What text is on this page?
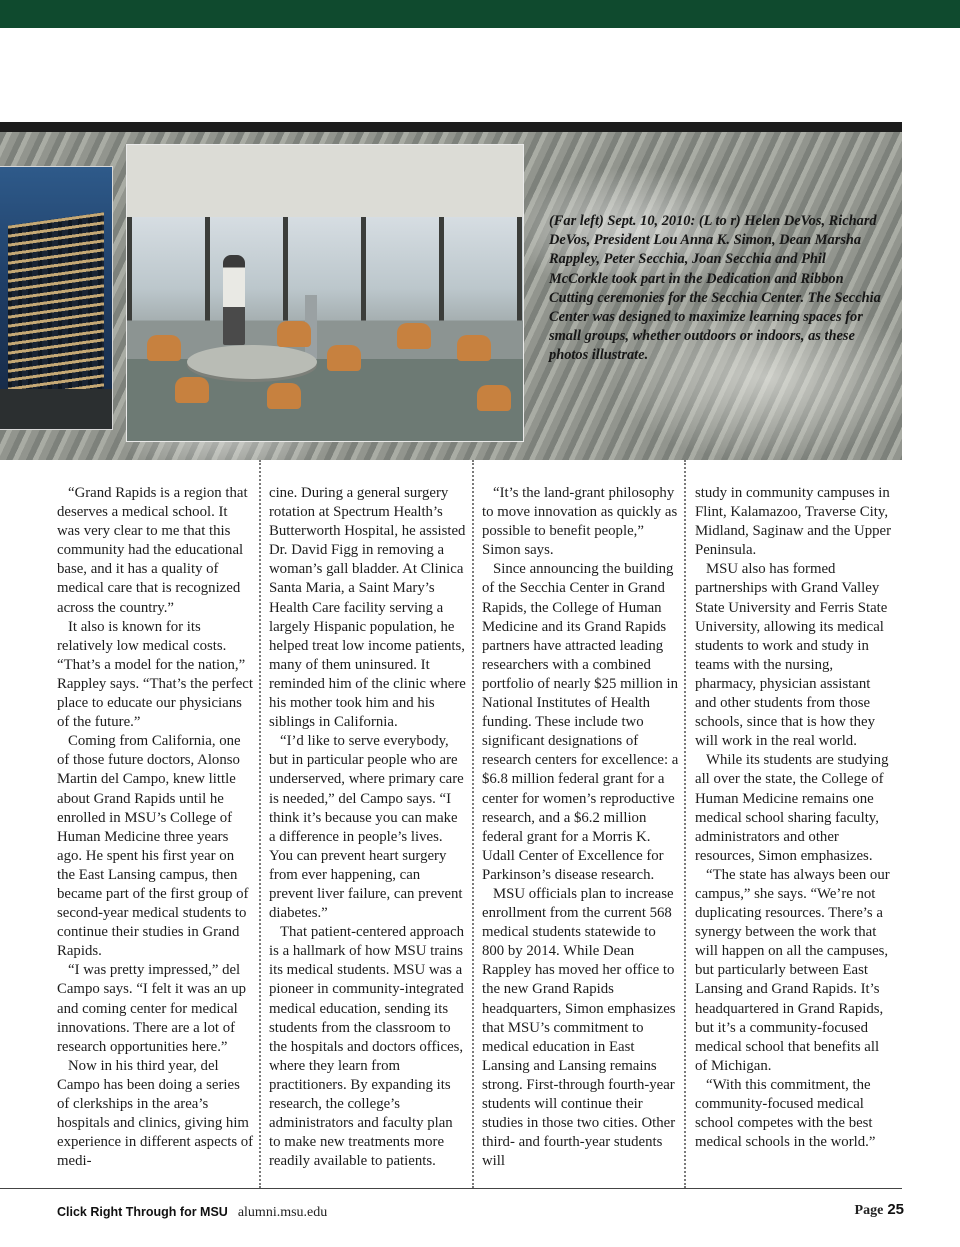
(Far left) Sept. 10, 2010: (L to r) Helen DeVos, Richard DeVos, President Lou Anna K. Simon, Dean Marsha Rappley, Peter Secchia, Joan Secchia and Phil McCorkle took part in the Dedication and Ribbon Cutting ceremonies for the Secchia Center. The Secchia Center was designed to maximize learning spaces for small groups, whether outdoors or indoors, as these photos illustrate.

“Grand Rapids is a region that deserves a medical school. It was very clear to me that this community had the educational base, and it has a quality of medical care that is recognized across the country.”

It also is known for its relatively low medical costs. “That’s a model for the nation,” Rappley says. “That’s the perfect place to educate our physicians of the future.”

Coming from California, one of those future doctors, Alonso Martin del Campo, knew little about Grand Rapids until he enrolled in MSU’s College of Human Medicine three years ago. He spent his first year on the East Lansing campus, then became part of the first group of second-year medical students to continue their studies in Grand Rapids.

“I was pretty impressed,” del Campo says. “I felt it was an up and coming center for medical innovations. There are a lot of research opportunities here.”

Now in his third year, del Campo has been doing a series of clerkships in the area’s hospitals and clinics, giving him experience in different aspects of medi-

cine. During a general surgery rotation at Spectrum Health’s Butterworth Hospital, he assisted Dr. David Figg in removing a woman’s gall bladder. At Clinica Santa Maria, a Saint Mary’s Health Care facility serving a largely Hispanic population, he helped treat low income patients, many of them uninsured. It reminded him of the clinic where his mother took him and his siblings in California.

“I’d like to serve everybody, but in particular people who are underserved, where primary care is needed,” del Campo says. “I think it’s because you can make a difference in people’s lives. You can prevent heart surgery from ever happening, can prevent liver failure, can prevent diabetes.”

That patient-centered approach is a hallmark of how MSU trains its medical students. MSU was a pioneer in community-integrated medical education, sending its students from the classroom to the hospitals and doctors offices, where they learn from practitioners. By expanding its research, the college’s administrators and faculty plan to make new treatments more readily available to patients.

“It’s the land-grant philosophy to move innovation as quickly as possible to benefit people,” Simon says.

Since announcing the building of the Secchia Center in Grand Rapids, the College of Human Medicine and its Grand Rapids partners have attracted leading researchers with a combined portfolio of nearly $25 million in National Institutes of Health funding. These include two significant designations of research centers for excellence: a $6.8 million federal grant for a center for women’s reproductive research, and a $6.2 million federal grant for a Morris K. Udall Center of Excellence for Parkinson’s disease research.

MSU officials plan to increase enrollment from the current 568 medical students statewide to 800 by 2014. While Dean Rappley has moved her office to the new Grand Rapids headquarters, Simon emphasizes that MSU’s commitment to medical education in East Lansing and Lansing remains strong. First-through fourth-year students will continue their studies in those two cities. Other third- and fourth-year students will

study in community campuses in Flint, Kalamazoo, Traverse City, Midland, Saginaw and the Upper Peninsula.

MSU also has formed partnerships with Grand Valley State University and Ferris State University, allowing its medical students to work and study in teams with the nursing, pharmacy, physician assistant and other students from those schools, since that is how they will work in the real world.

While its students are studying all over the state, the College of Human Medicine remains one medical school sharing faculty, administrators and other resources, Simon emphasizes.

“The state has always been our campus,” she says. “We’re not duplicating resources. There’s a synergy between the work that will happen on all the campuses, but particularly between East Lansing and Grand Rapids. It’s headquartered in Grand Rapids, but it’s a community-focused medical school that benefits all of Michigan.

“With this commitment, the community-focused medical school competes with the best medical schools in the world.”

Click Right Through for MSU alumni.msu.edu	Page 25
